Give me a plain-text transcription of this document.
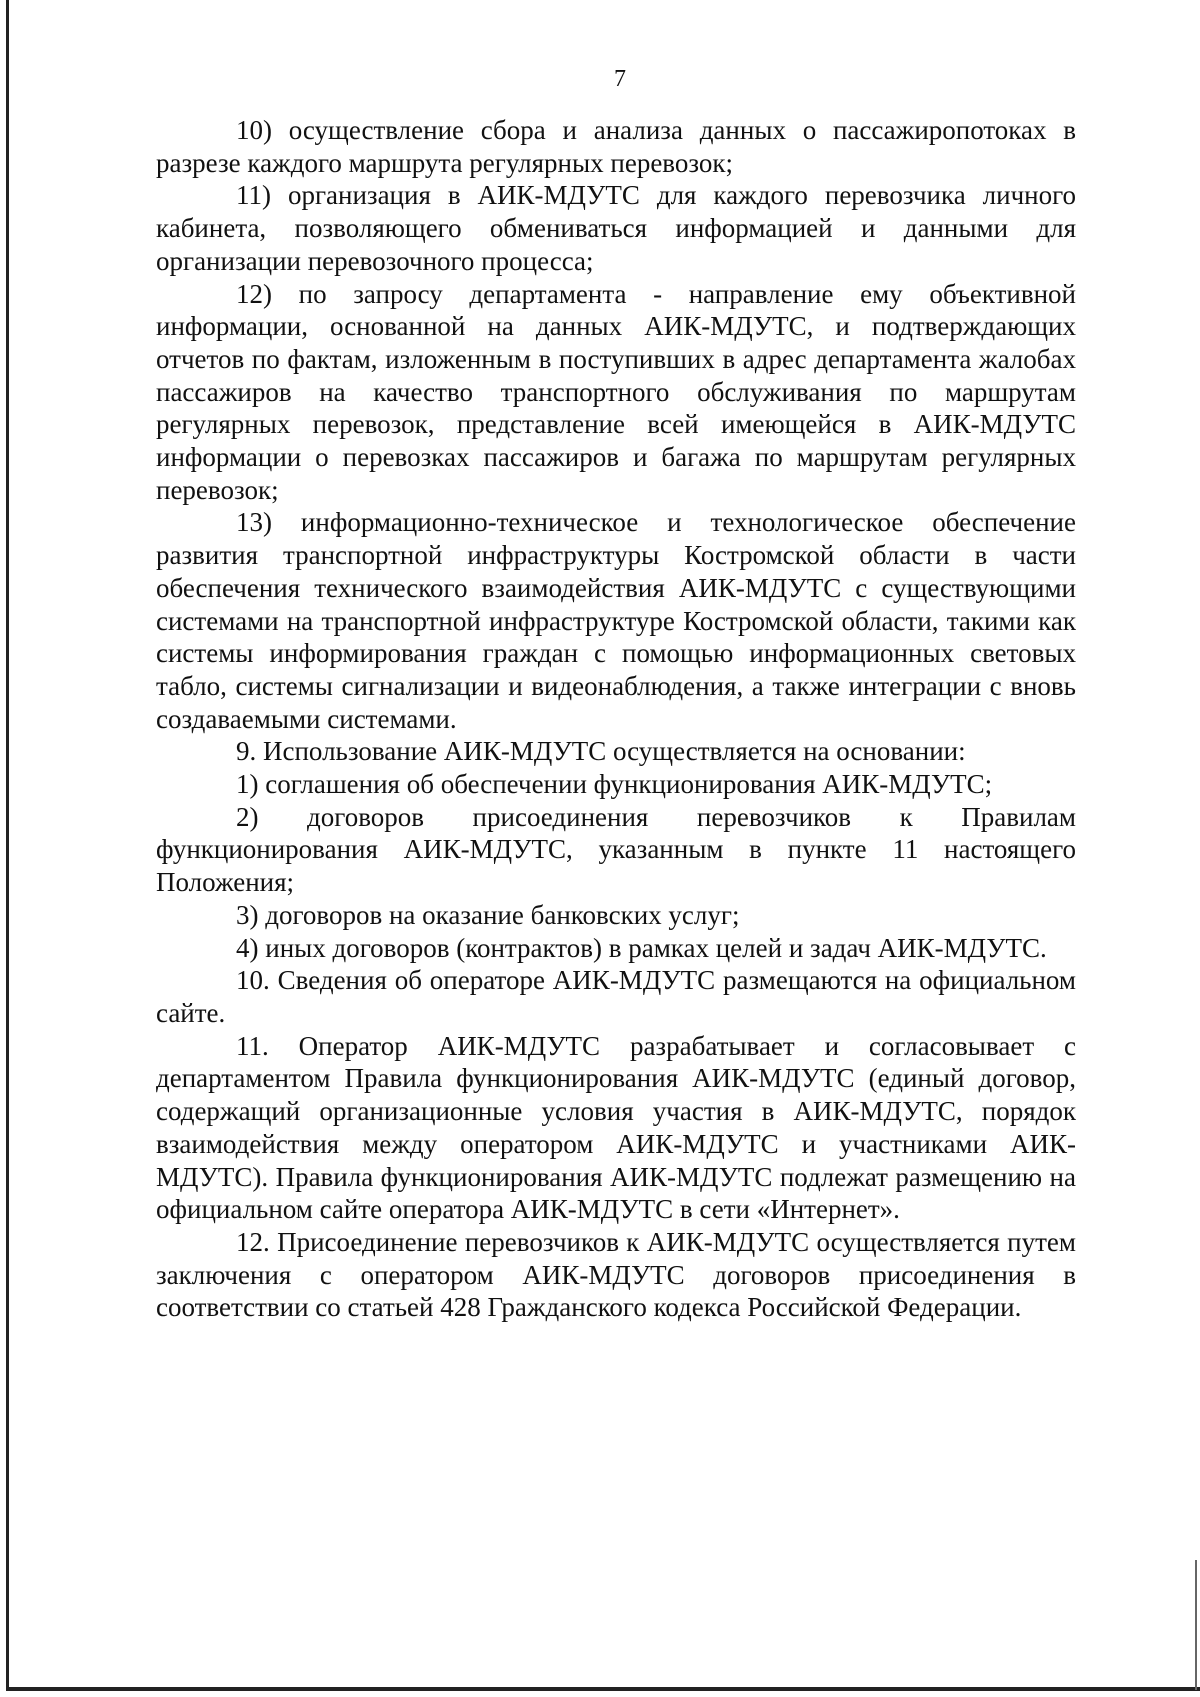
7

10) осуществление сбора и анализа данных о пассажиропотоках в разрезе каждого маршрута регулярных перевозок;

11) организация в АИК-МДУТС для каждого перевозчика личного кабинета, позволяющего обмениваться информацией и данными для организации перевозочного процесса;

12) по запросу департамента - направление ему объективной информации, основанной на данных АИК-МДУТС, и подтверждающих отчетов по фактам, изложенным в поступивших в адрес департамента жалобах пассажиров на качество транспортного обслуживания по маршрутам регулярных перевозок, представление всей имеющейся в АИК-МДУТС информации о перевозках пассажиров и багажа по маршрутам регулярных перевозок;

13) информационно-техническое и технологическое обеспечение развития транспортной инфраструктуры Костромской области в части обеспечения технического взаимодействия АИК-МДУТС с существующими системами на транспортной инфраструктуре Костромской области, такими как системы информирования граждан с помощью информационных световых табло, системы сигнализации и видеонаблюдения, а также интеграции с вновь создаваемыми системами.

9. Использование АИК-МДУТС осуществляется на основании:

1) соглашения об обеспечении функционирования АИК-МДУТС;

2) договоров присоединения перевозчиков к Правилам функционирования АИК-МДУТС, указанным в пункте 11 настоящего Положения;

3) договоров на оказание банковских услуг;

4) иных договоров (контрактов) в рамках целей и задач АИК-МДУТС.

10. Сведения об операторе АИК-МДУТС размещаются на официальном сайте.

11. Оператор АИК-МДУТС разрабатывает и согласовывает с департаментом Правила функционирования АИК-МДУТС (единый договор, содержащий организационные условия участия в АИК-МДУТС, порядок взаимодействия между оператором АИК-МДУТС и участниками АИК-МДУТС). Правила функционирования АИК-МДУТС подлежат размещению на официальном сайте оператора АИК-МДУТС в сети «Интернет».

12. Присоединение перевозчиков к АИК-МДУТС осуществляется путем заключения с оператором АИК-МДУТС договоров присоединения в соответствии со статьей 428 Гражданского кодекса Российской Федерации.
